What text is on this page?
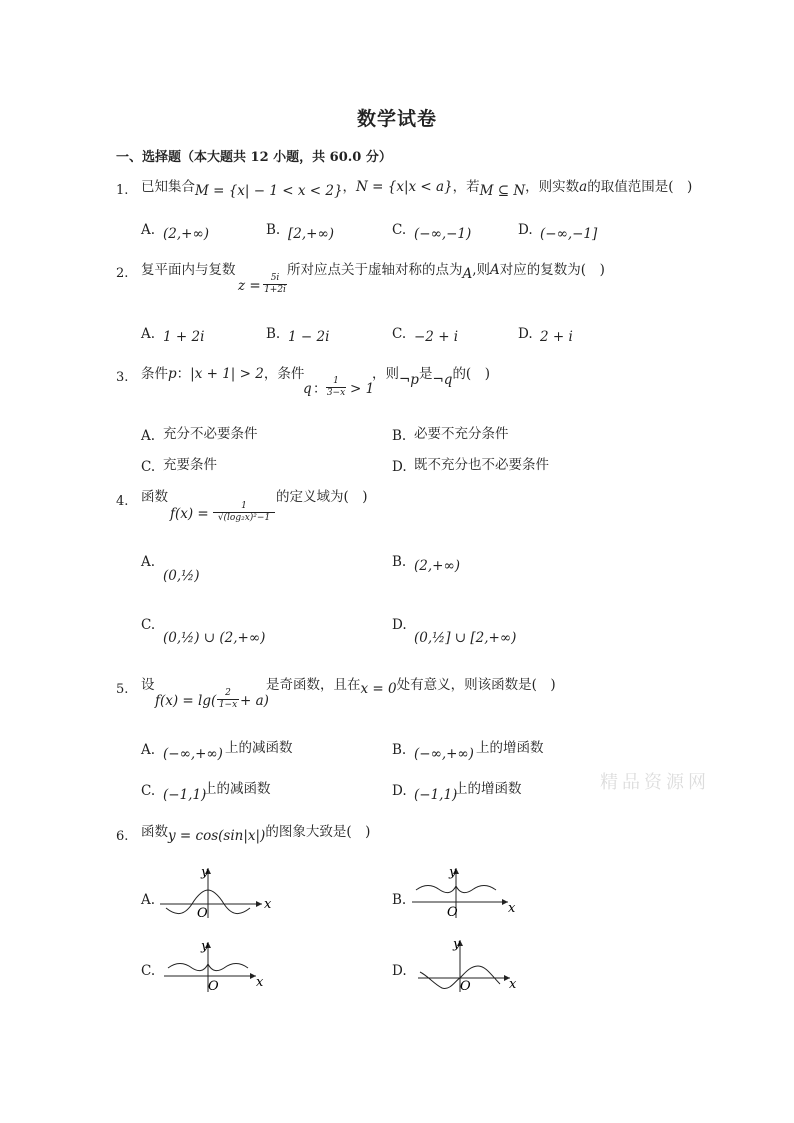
数学试卷
一、选择题（本大题共 12 小题，共 60.0 分）
1. 已知集合M = {x| − 1 < x < 2}，N = {x|x < a}，若M ⊆ N，则实数a的取值范围是(　)
A. (2,+∞)	B. [2,+∞)	C. (−∞,−1)	D. (−∞,−1]
2. 复平面内与复数
$z = \frac{5i}{1+2i}$
所对应点关于虚轴对称的点为A,则A对应的复数为(　)
A. 1 + 2i	B. 1 − 2i	C. −2 + i	D. 2 + i
3. 条件p：|x + 1| > 2，条件
q ： $\frac{1}{3-x} > 1$
，则¬p是¬q的(　)
A. 充分不必要条件	B. 必要不充分条件
C. 充要条件	D. 既不充分也不必要条件
4. 函数
$f(x) = \frac{1}{\text{√(log₂x)²−1}}$
的定义域为(　)
A.
(0,½)
B. (2,+∞)
C.
(0,½) ∪ (2,+∞)
D.
(0,½] ∪ [2,+∞)
5. 设
$f(x) = \lg( \frac{2}{1-x} + a)$
是奇函数，且在x = 0处有意义，则该函数是(　)
A. (−∞,+∞) 上的减函数	B. (−∞,+∞) 上的增函数
C. (−1,1)
上的减函数	D. (−1,1)
上的增函数	精品资源网
6. 函数y = cos(sin|x|)的图象大致是(　)
A.	x
y
O
B.
x
y
O
C.
x
y
O
D.
x
y
O
